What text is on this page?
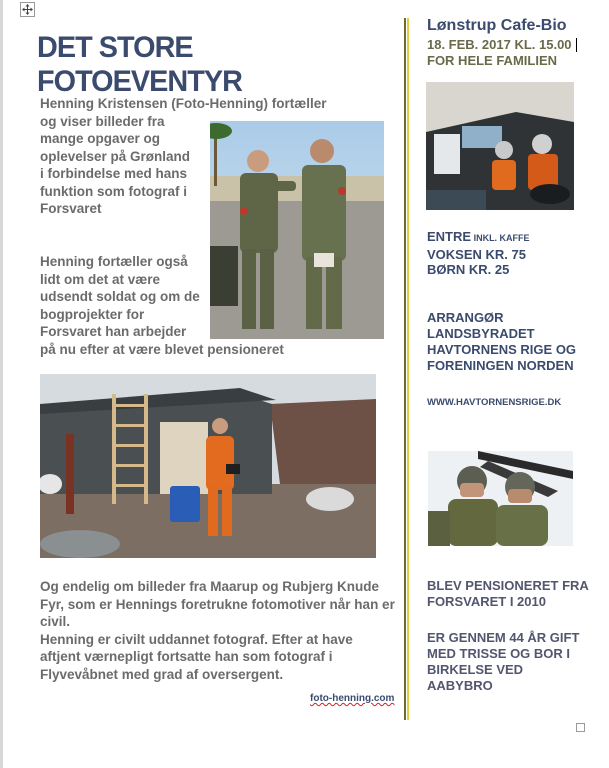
DET STORE FOTOEVENTYR
Henning Kristensen (Foto-Henning) fortæller
og viser billeder fra
mange opgaver og
oplevelser på Grønland
i forbindelse med hans
funktion som fotograf i
Forsvaret
Henning fortæller også
lidt om det at være
udsendt soldat og om de
bogprojekter for
Forsvaret han arbejder
på nu efter at være blevet pensioneret
Og endelig om billeder fra Maarup og Rubjerg Knude
Fyr, som er Hennings foretrukne fotomotiver når han er
civil.
Henning er civilt uddannet fotograf. Efter at have
aftjent værnepligt fortsatte han som fotograf i
Flyvevåbnet med grad af oversergent.
foto-henning.com
Lønstrup Cafe-Bio
18. FEB. 2017 KL. 15.00
FOR HELE FAMILIEN
ENTRE INKL. KAFFE
VOKSEN KR. 75
BØRN KR. 25
ARRANGØR
LANDSBYRADET
HAVTORNENS RIGE OG
FORENINGEN NORDEN
WWW.HAVTORNENSRIGE.DK
BLEV PENSIONERET FRA
FORSVARET I 2010
ER GENNEM 44 ÅR GIFT
MED TRISSE OG BOR I
BIRKELSE VED
AABYBRO
